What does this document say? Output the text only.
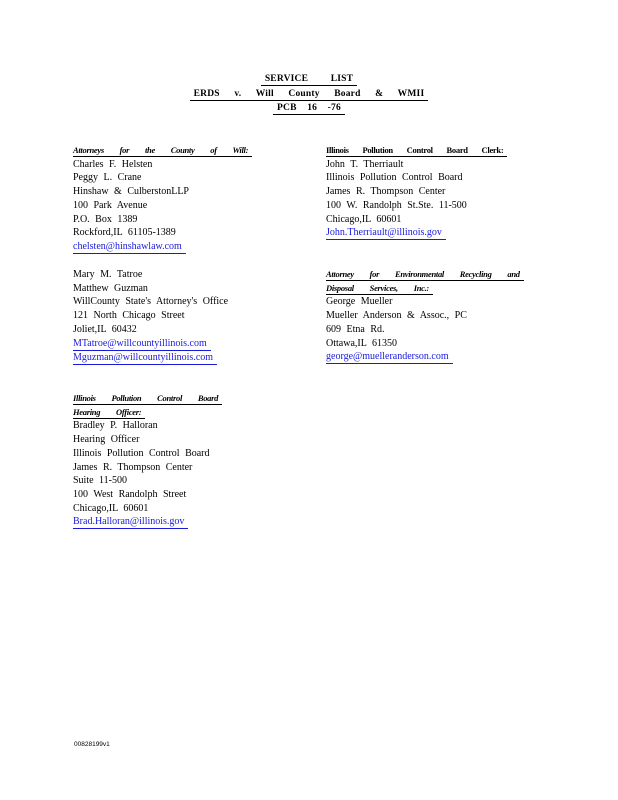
SERVICE LIST
ERDS v. Will County Board & WMII
PCB 16 -76
Attorneys for the County of Will:
Charles F. Helsten
Peggy L. Crane
Hinshaw & CulberstonLLP
100 Park Avenue
P.O. Box 1389
Rockford,IL 61105-1389
chelsten@hinshawlaw.com
Illinois Pollution Control Board Clerk:
John T. Therriault
Illinois Pollution Control Board
James R. Thompson Center
100 W. Randolph St.Ste. 11-500
Chicago,IL 60601
John.Therriault@illinois.gov
Mary M. Tatroe
Matthew Guzman
WillCounty State's Attorney's Office
121 North Chicago Street
Joliet,IL 60432
MTatroe@willcountyillinois.com
Mguzman@willcountyillinois.com
Attorney for Environmental Recycling and
Disposal Services, Inc.:
George Mueller
Mueller Anderson & Assoc., PC
609 Etna Rd.
Ottawa,IL 61350
george@muelleranderson.com
Illinois Pollution Control Board
Hearing Officer:
Bradley P. Halloran
Hearing Officer
Illinois Pollution Control Board
James R. Thompson Center
Suite 11-500
100 West Randolph Street
Chicago,IL 60601
Brad.Halloran@illinois.gov
00828199v1
